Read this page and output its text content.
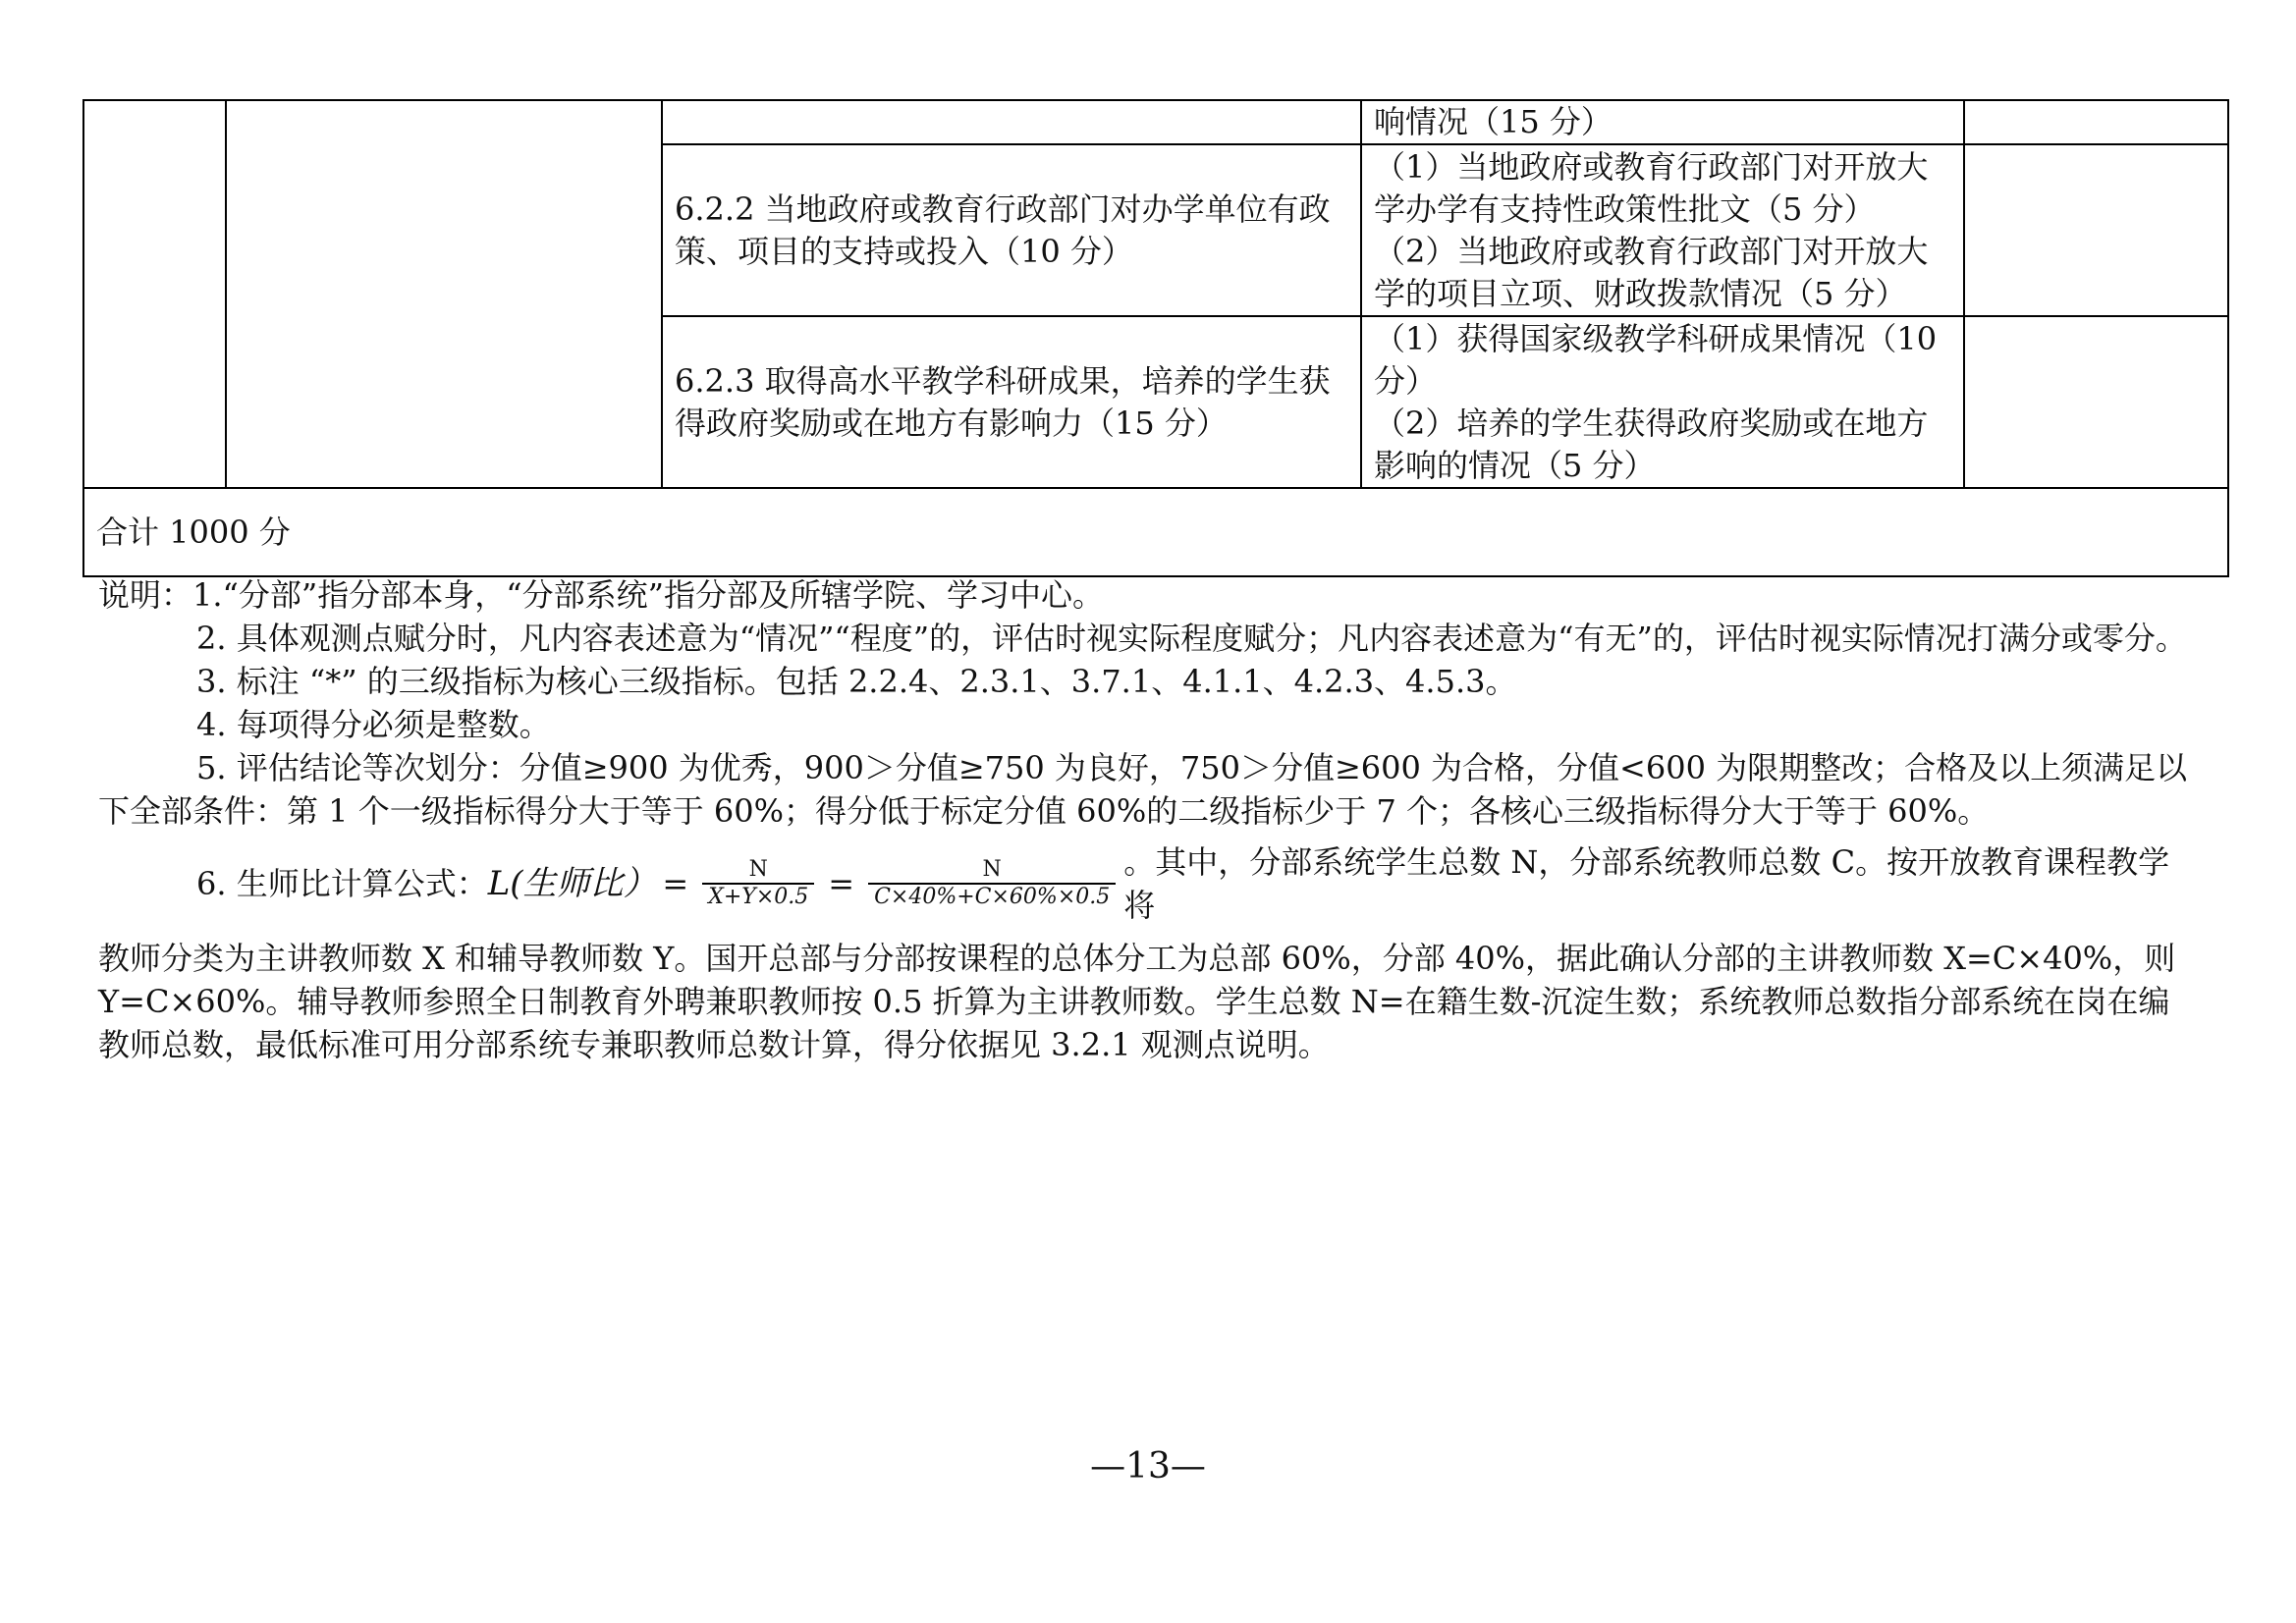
			响情况（15 分）	
		6.2.2 当地政府或教育行政部门对办学单位有政策、项目的支持或投入（10 分）	（1）当地政府或教育行政部门对开放大学办学有支持性政策性批文（5 分）
（2）当地政府或教育行政部门对开放大学的项目立项、财政拨款情况（5 分）	

		6.2.3 取得高水平教学科研成果，培养的学生获得政府奖励或在地方有影响力（15 分）	（1）获得国家级教学科研成果情况（10 分）
（2）培养的学生获得政府奖励或在地方影响的情况（5 分）	

合计 1000 分				

说明：1.“分部”指分部本身，“分部系统”指分部及所辖学院、学习中心。

2. 具体观测点赋分时，凡内容表述意为“情况”“程度”的，评估时视实际程度赋分；凡内容表述意为“有无”的，评估时视实际情况打满分或零分。

3. 标注 “*” 的三级指标为核心三级指标。包括 2.2.4、2.3.1、3.7.1、4.1.1、4.2.3、4.5.3。

4. 每项得分必须是整数。

5. 评估结论等次划分：分值≥900 为优秀，900＞分值≥750 为良好，750＞分值≥600 为合格，分值<600 为限期整改；合格及以上须满足以下全部条件：第 1 个一级指标得分大于等于 60%；得分低于标定分值 60%的二级指标少于 7 个；各核心三级指标得分大于等于 60%。

6. 生师比计算公式： L(生师比） = $\frac{N}{X+Y\times 0.5} = \frac{N}{C\times 40\%+C\times 60\%\times 0.5}$ 。其中，分部系统学生总数 N，分部系统教师总数 C。按开放教育课程教学将

教师分类为主讲教师数 X 和辅导教师数 Y。国开总部与分部按课程的总体分工为总部 60%，分部 40%，据此确认分部的主讲教师数 X=C×40%，则 Y=C×60%。辅导教师参照全日制教育外聘兼职教师按 0.5 折算为主讲教师数。学生总数 N=在籍生数-沉淀生数；系统教师总数指分部系统在岗在编教师总数，最低标准可用分部系统专兼职教师总数计算，得分依据见 3.2.1 观测点说明。

—13—
